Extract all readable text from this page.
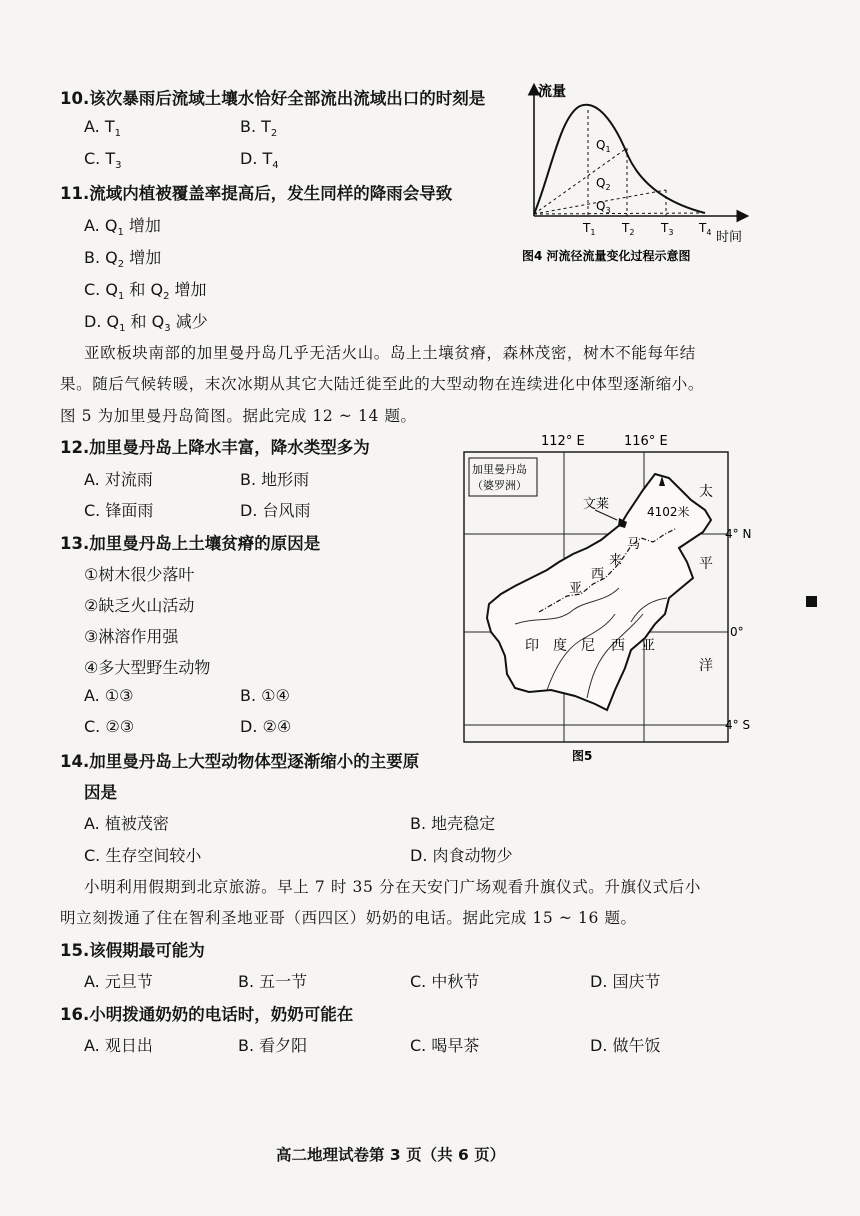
10.该次暴雨后流域土壤水恰好全部流出流域出口的时刻是
A. $T_1$	B. $T_2$
C. $T_3$	D. $T_4$
11.流域内植被覆盖率提高后，发生同样的降雨会导致
A. $Q_1$ 增加
B. $Q_2$ 增加
C. $Q_1$ 和 $Q_2$ 增加
D. $Q_1$ 和 $Q_3$ 减少
流量
时间
$Q_1$
$Q_2$
$Q_3$
$T_1$ $T_2$ $T_3$ $T_4$
图4 河流径流量变化过程示意图
亚欧板块南部的加里曼丹岛几乎无活火山。岛上土壤贫瘠，森林茂密，树木不能每年结
果。随后气候转暖，末次冰期从其它大陆迁徙至此的大型动物在连续进化中体型逐渐缩小。
图 5 为加里曼丹岛简图。据此完成 12 ~ 14 题。
12.加里曼丹岛上降水丰富，降水类型多为
A. 对流雨	B. 地形雨
C. 锋面雨	D. 台风雨
13.加里曼丹岛上土壤贫瘠的原因是
①树木很少落叶
②缺乏火山活动
③淋溶作用强
④多大型野生动物
A. ①③	B. ①④
C. ②③	D. ②④
加里曼丹岛
（婆罗洲）
112° E	116° E
4° N
0°
4° S
文莱	4102米
马
来
西
亚
印 度 尼 西 亚
太
平
洋
图5
14.加里曼丹岛上大型动物体型逐渐缩小的主要原
因是
A. 植被茂密	B. 地壳稳定
C. 生存空间较小	D. 肉食动物少
小明利用假期到北京旅游。早上 7 时 35 分在天安门广场观看升旗仪式。升旗仪式后小
明立刻拨通了住在智利圣地亚哥（西四区）奶奶的电话。据此完成 15 ~ 16 题。
15.该假期最可能为
A. 元旦节	B. 五一节	C. 中秋节	D. 国庆节
16.小明拨通奶奶的电话时，奶奶可能在
A. 观日出	B. 看夕阳	C. 喝早茶	D. 做午饭
高二地理试卷第 3 页（共 6 页）
